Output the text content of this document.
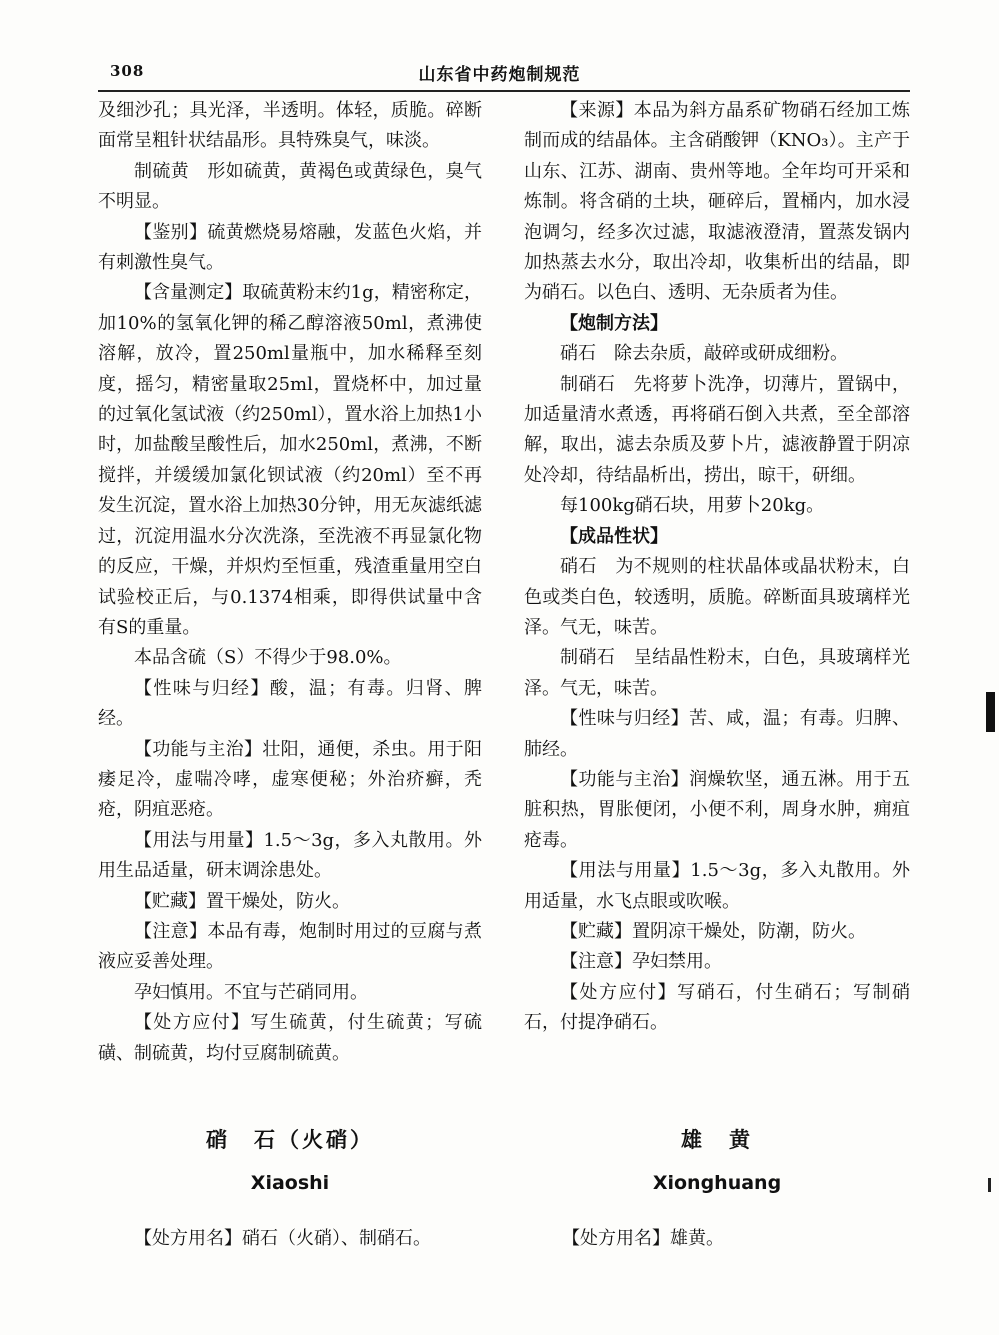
308	山东省中药炮制规范

及细沙孔；具光泽，半透明。体轻，质脆。碎断面常呈粗针状结晶形。具特殊臭气，味淡。

制硫黄　形如硫黄，黄褐色或黄绿色，臭气不明显。

【鉴别】硫黄燃烧易熔融，发蓝色火焰，并有刺激性臭气。

【含量测定】取硫黄粉末约1g，精密称定，加10%的氢氧化钾的稀乙醇溶液50ml，煮沸使溶解，放冷，置250ml量瓶中，加水稀释至刻度，摇匀，精密量取25ml，置烧杯中，加过量的过氧化氢试液（约250ml），置水浴上加热1小时，加盐酸呈酸性后，加水250ml，煮沸，不断搅拌，并缓缓加氯化钡试液（约20ml）至不再发生沉淀，置水浴上加热30分钟，用无灰滤纸滤过，沉淀用温水分次洗涤，至洗液不再显氯化物的反应，干燥，并炽灼至恒重，残渣重量用空白试验校正后，与0.1374相乘，即得供试量中含有S的重量。

本品含硫（S）不得少于98.0%。

【性味与归经】酸，温；有毒。归肾、脾经。

【功能与主治】壮阳，通便，杀虫。用于阳痿足冷，虚喘冷哮，虚寒便秘；外治疥癣，秃疮，阴疽恶疮。

【用法与用量】1.5～3g，多入丸散用。外用生品适量，研末调涂患处。

【贮藏】置干燥处，防火。

【注意】本品有毒，炮制时用过的豆腐与煮液应妥善处理。

孕妇慎用。不宜与芒硝同用。

【处方应付】写生硫黄，付生硫黄；写硫磺、制硫黄，均付豆腐制硫黄。

【来源】本品为斜方晶系矿物硝石经加工炼制而成的结晶体。主含硝酸钾（KNO₃）。主产于山东、江苏、湖南、贵州等地。全年均可开采和炼制。将含硝的土块，砸碎后，置桶内，加水浸泡调匀，经多次过滤，取滤液澄清，置蒸发锅内加热蒸去水分，取出冷却，收集析出的结晶，即为硝石。以色白、透明、无杂质者为佳。

【炮制方法】

硝石　除去杂质，敲碎或研成细粉。

制硝石　先将萝卜洗净，切薄片，置锅中，加适量清水煮透，再将硝石倒入共煮，至全部溶解，取出，滤去杂质及萝卜片，滤液静置于阴凉处冷却，待结晶析出，捞出，晾干，研细。

每100kg硝石块，用萝卜20kg。

【成品性状】

硝石　为不规则的柱状晶体或晶状粉末，白色或类白色，较透明，质脆。碎断面具玻璃样光泽。气无，味苦。

制硝石　呈结晶性粉末，白色，具玻璃样光泽。气无，味苦。

【性味与归经】苦、咸，温；有毒。归脾、肺经。

【功能与主治】润燥软坚，通五淋。用于五脏积热，胃胀便闭，小便不利，周身水肿，痈疽疮毒。

【用法与用量】1.5～3g，多入丸散用。外用适量，水飞点眼或吹喉。

【贮藏】置阴凉干燥处，防潮，防火。

【注意】孕妇禁用。

【处方应付】写硝石，付生硝石；写制硝石，付提净硝石。

硝　石（火硝）
Xiaoshi
【处方用名】硝石（火硝）、制硝石。
雄　黄
Xionghuang
【处方用名】雄黄。
